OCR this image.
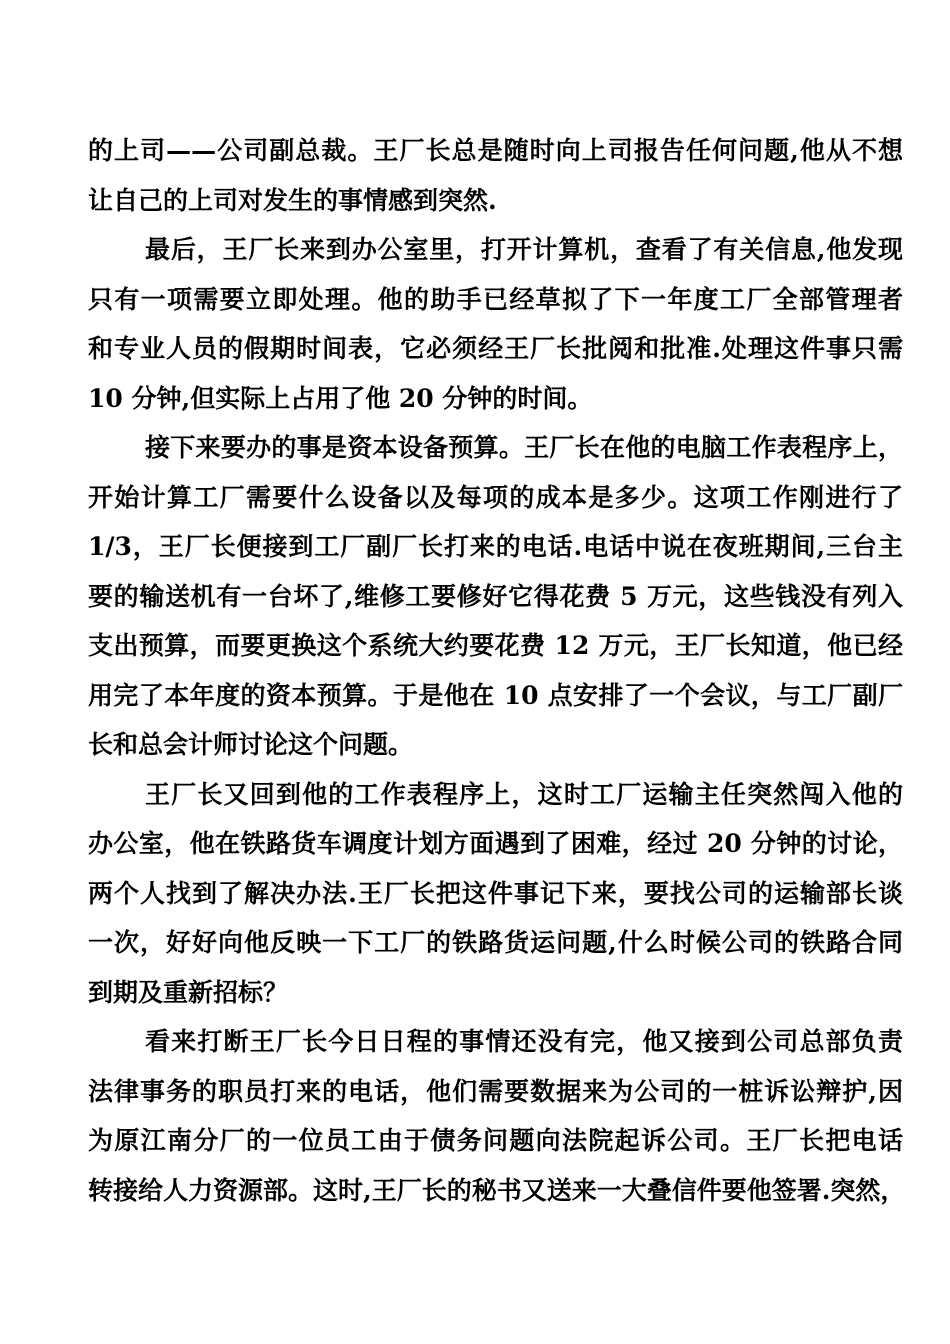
的上司——公司副总裁。王厂长总是随时向上司报告任何问题,他从不想
让自己的上司对发生的事情感到突然.
最后，王厂长来到办公室里，打开计算机，查看了有关信息,他发现
只有一项需要立即处理。他的助手已经草拟了下一年度工厂全部管理者
和专业人员的假期时间表，它必须经王厂长批阅和批准.处理这件事只需
10 分钟,但实际上占用了他 20 分钟的时间。
接下来要办的事是资本设备预算。王厂长在他的电脑工作表程序上，
开始计算工厂需要什么设备以及每项的成本是多少。这项工作刚进行了
1/3，王厂长便接到工厂副厂长打来的电话.电话中说在夜班期间,三台主
要的输送机有一台坏了,维修工要修好它得花费 5 万元，这些钱没有列入
支出预算，而要更换这个系统大约要花费 12 万元，王厂长知道，他已经
用完了本年度的资本预算。于是他在 10 点安排了一个会议，与工厂副厂
长和总会计师讨论这个问题。
王厂长又回到他的工作表程序上，这时工厂运输主任突然闯入他的
办公室，他在铁路货车调度计划方面遇到了困难，经过 20 分钟的讨论，
两个人找到了解决办法.王厂长把这件事记下来，要找公司的运输部长谈
一次，好好向他反映一下工厂的铁路货运问题,什么时候公司的铁路合同
到期及重新招标？
看来打断王厂长今日日程的事情还没有完，他又接到公司总部负责
法律事务的职员打来的电话，他们需要数据来为公司的一桩诉讼辩护,因
为原江南分厂的一位员工由于债务问题向法院起诉公司。王厂长把电话
转接给人力资源部。这时,王厂长的秘书又送来一大叠信件要他签署.突然，
